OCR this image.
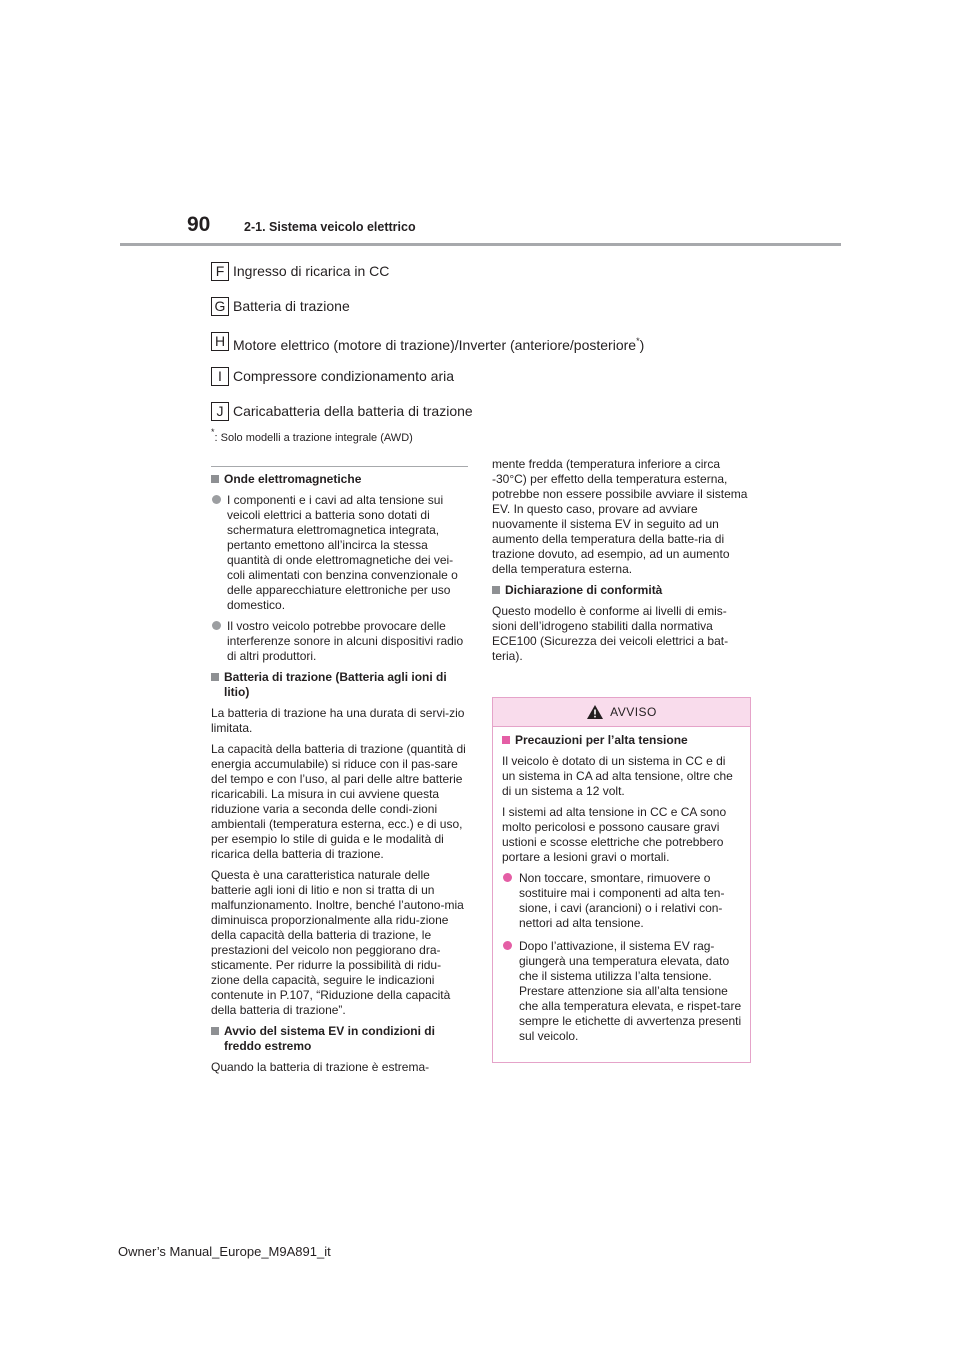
90	2-1. Sistema veicolo elettrico
F Ingresso di ricarica in CC
G Batteria di trazione
H Motore elettrico (motore di trazione)/Inverter (anteriore/posteriore*)
I Compressore condizionamento aria
J Caricabatteria della batteria di trazione
*: Solo modelli a trazione integrale (AWD)
Onde elettromagnetiche
I componenti e i cavi ad alta tensione sui veicoli elettrici a batteria sono dotati di schermatura elettromagnetica integrata, pertanto emettono all’incirca la stessa quantità di onde elettromagnetiche dei vei-coli alimentati con benzina convenzionale o delle apparecchiature elettroniche per uso domestico.
Il vostro veicolo potrebbe provocare delle interferenze sonore in alcuni dispositivi radio di altri produttori.
Batteria di trazione (Batteria agli ioni di litio)

La batteria di trazione ha una durata di servi-zio limitata.

La capacità della batteria di trazione (quantità di energia accumulabile) si riduce con il pas-sare del tempo e con l’uso, al pari delle altre batterie ricaricabili. La misura in cui avviene questa riduzione varia a seconda delle condi-zioni ambientali (temperatura esterna, ecc.) e di uso, per esempio lo stile di guida e le modalità di ricarica della batteria di trazione.

Questa è una caratteristica naturale delle batterie agli ioni di litio e non si tratta di un malfunzionamento. Inoltre, benché l’autono-mia diminuisca proporzionalmente alla ridu-zione della capacità della batteria di trazione, le prestazioni del veicolo non peggiorano dra-sticamente. Per ridurre la possibilità di ridu-zione della capacità, seguire le indicazioni contenute in P.107, “Riduzione della capacità della batteria di trazione”.

Avvio del sistema EV in condizioni di freddo estremo

Quando la batteria di trazione è estrema-

mente fredda (temperatura inferiore a circa -30°C) per effetto della temperatura esterna, potrebbe non essere possibile avviare il sistema EV. In questo caso, provare ad avviare nuovamente il sistema EV in seguito ad un aumento della temperatura della batte-ria di trazione dovuto, ad esempio, ad un aumento della temperatura esterna.

Dichiarazione di conformità

Questo modello è conforme ai livelli di emis-sioni dell’idrogeno stabiliti dalla normativa ECE100 (Sicurezza dei veicoli elettrici a bat-teria).

AVVISO
Precauzioni per l’alta tensione

Il veicolo è dotato di un sistema in CC e di un sistema in CA ad alta tensione, oltre che di un sistema a 12 volt.

I sistemi ad alta tensione in CC e CA sono molto pericolosi e possono causare gravi ustioni e scosse elettriche che potrebbero portare a lesioni gravi o mortali.

Non toccare, smontare, rimuovere o sostituire mai i componenti ad alta ten-sione, i cavi (arancioni) o i relativi con-nettori ad alta tensione.
Dopo l’attivazione, il sistema EV rag-giungerà una temperatura elevata, dato che il sistema utilizza l’alta tensione. Prestare attenzione sia all’alta tensione che alla temperatura elevata, e rispet-tare sempre le etichette di avvertenza presenti sul veicolo.
Owner’s Manual_Europe_M9A891_it
